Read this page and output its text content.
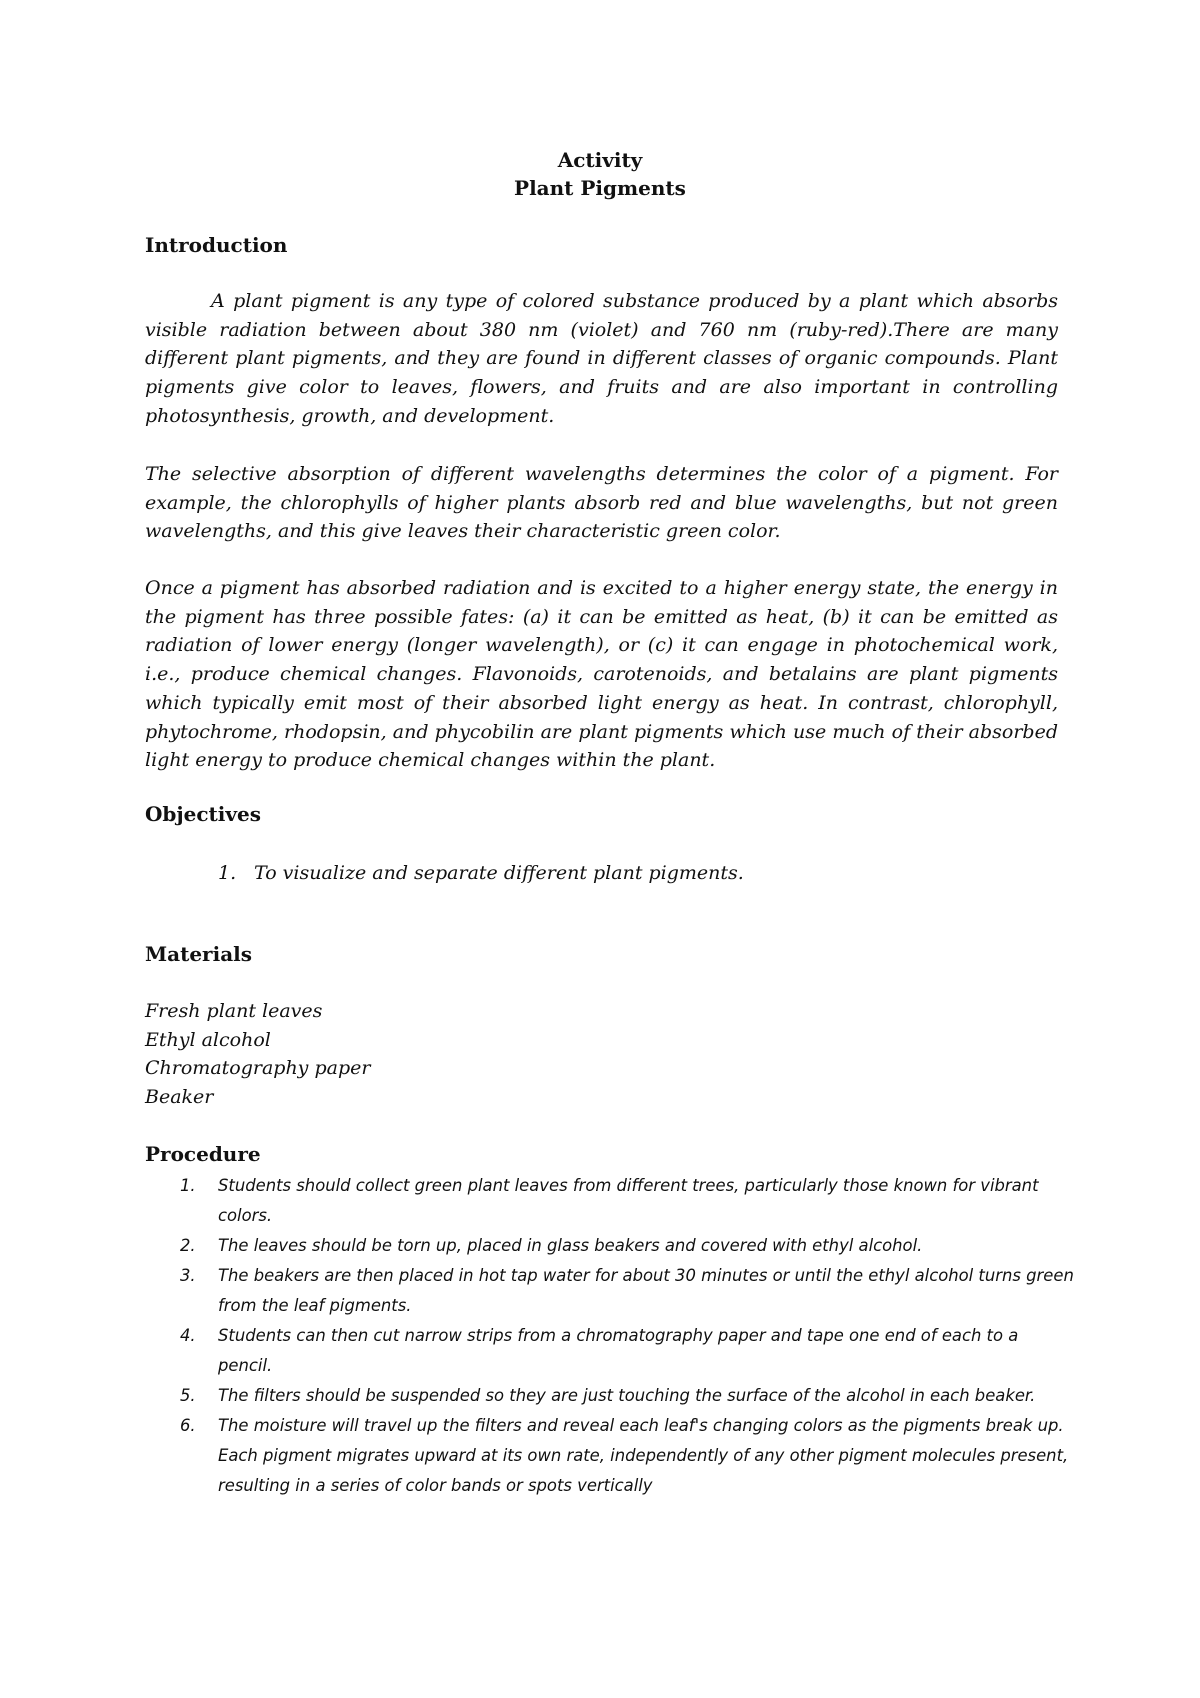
Activity
Plant Pigments
Introduction

A plant pigment is any type of colored substance produced by a plant which absorbs visible radiation between about 380 nm (violet) and 760 nm (ruby-red).There are many different plant pigments, and they are found in different classes of organic compounds. Plant pigments give color to leaves, flowers, and fruits and are also important in controlling photosynthesis, growth, and development.

The selective absorption of different wavelengths determines the color of a pigment. For example, the chlorophylls of higher plants absorb red and blue wavelengths, but not green wavelengths, and this give leaves their characteristic green color.

Once a pigment has absorbed radiation and is excited to a higher energy state, the energy in the pigment has three possible fates: (a) it can be emitted as heat, (b) it can be emitted as radiation of lower energy (longer wavelength), or (c) it can engage in photochemical work, i.e., produce chemical changes. Flavonoids, carotenoids, and betalains are plant pigments which typically emit most of their absorbed light energy as heat. In contrast, chlorophyll, phytochrome, rhodopsin, and phycobilin are plant pigments which use much of their absorbed light energy to produce chemical changes within the plant.

Objectives
1. To visualize and separate different plant pigments.
Materials
Fresh plant leaves
Ethyl alcohol
Chromatography paper
Beaker
Procedure
1. Students should collect green plant leaves from different trees, particularly those known for vibrant colors.
2. The leaves should be torn up, placed in glass beakers and covered with ethyl alcohol.
3. The beakers are then placed in hot tap water for about 30 minutes or until the ethyl alcohol turns green from the leaf pigments.
4. Students can then cut narrow strips from a chromatography paper and tape one end of each to a pencil.
5. The filters should be suspended so they are just touching the surface of the alcohol in each beaker.
6. The moisture will travel up the filters and reveal each leaf's changing colors as the pigments break up. Each pigment migrates upward at its own rate, independently of any other pigment molecules present, resulting in a series of color bands or spots vertically
